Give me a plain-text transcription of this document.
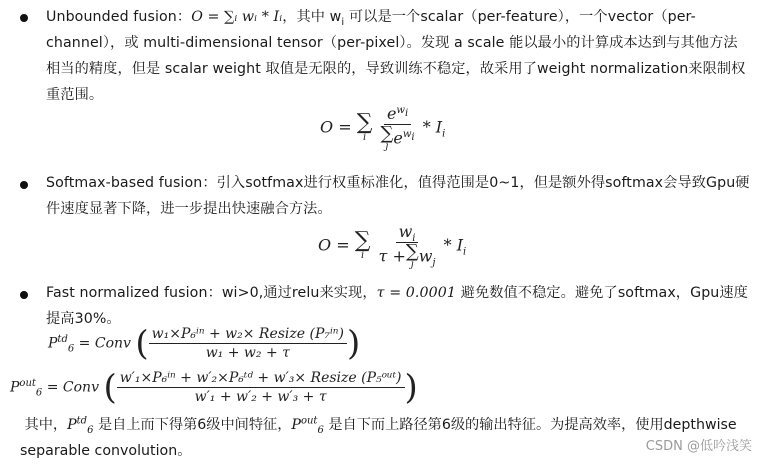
Unbounded fusion：O = ∑ᵢ wᵢ * Iᵢ，其中 $w_i$ 可以是一个scalar（per-feature），一个vector（per-channel），或 multi-dimensional tensor（per-pixel）。发现 a scale 能以最小的计算成本达到与其他方法相当的精度，但是 scalar weight 取值是无限的，导致训练不稳定，故采用了weight normalization来限制权重范围。
O = ∑
i
$e^{w_i}$
∑
j $e^{w_i} * I_i$
Softmax-based fusion：引入sotfmax进行权重标准化，值得范围是0~1，但是额外得softmax会导致Gpu硬件速度显著下降，进一步提出快速融合方法。
O = ∑
i
$w_i$
τ + ∑
j $w_j * I_i$
Fast normalized fusion：wi>0,通过relu来实现，τ = 0.0001 避免数值不稳定。避免了softmax，Gpu速度提高30%。
$P^{td}_6$ = Conv ( $\frac{\text{w₁×P₆ⁱⁿ + w₂× Resize (P₇ⁱⁿ)}}{\text{w₁ + w₂ + τ}}$ )
$P^{out}_6$ = Conv ( $\frac{\text{w′₁×P₆ⁱⁿ + w′₂×P₆ᵗᵈ + w′₃× Resize (P₅ᵒᵘᵗ)}}{\text{w′₁ + w′₂ + w′₃ + τ}}$ )
其中，$P^{td}_6$ 是自上而下得第6级中间特征，$P^{out}_6$ 是自下而上路径第6级的输出特征。为提高效率，使用depthwise separable convolution。	CSDN @低吟浅笑
